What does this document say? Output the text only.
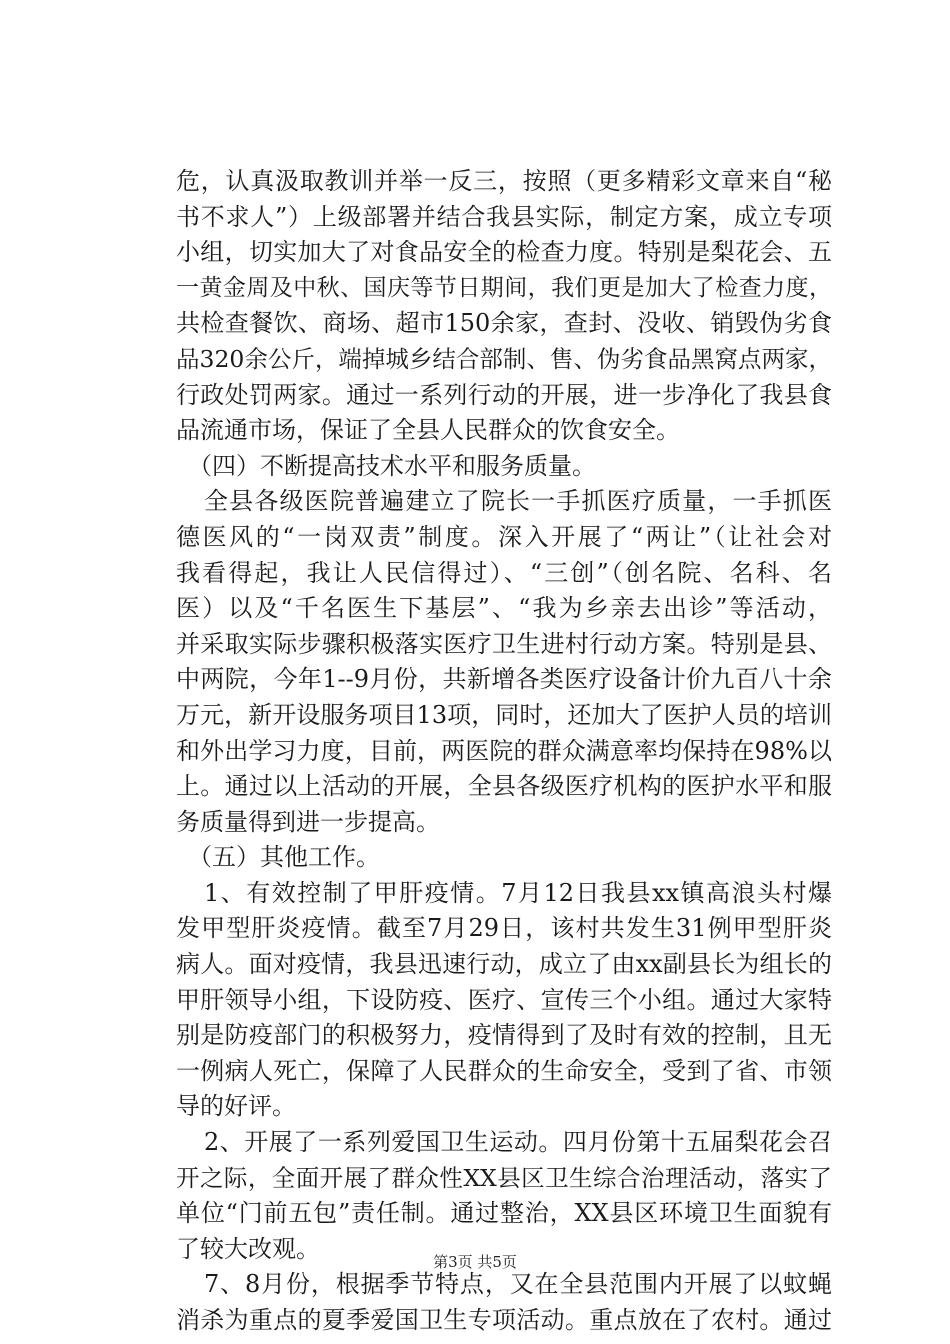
危，认真汲取教训并举一反三，按照（更多精彩文章来自“秘
书不求人”）上级部署并结合我县实际，制定方案，成立专项
小组，切实加大了对食品安全的检查力度。特别是梨花会、五
一黄金周及中秋、国庆等节日期间，我们更是加大了检查力度，
共检查餐饮、商场、超市150余家，查封、没收、销毁伪劣食
品320余公斤，端掉城乡结合部制、售、伪劣食品黑窝点两家，
行政处罚两家。通过一系列行动的开展，进一步净化了我县食
品流通市场，保证了全县人民群众的饮食安全。
（四）不断提高技术水平和服务质量。
全县各级医院普遍建立了院长一手抓医疗质量，一手抓医
德医风的“一岗双责”制度。深入开展了“两让”（让社会对
我看得起，我让人民信得过）、“三创”（创名院、名科、名
医）以及“千名医生下基层”、“我为乡亲去出诊”等活动，
并采取实际步骤积极落实医疗卫生进村行动方案。特别是县、
中两院，今年1--9月份，共新增各类医疗设备计价九百八十余
万元，新开设服务项目13项，同时，还加大了医护人员的培训
和外出学习力度，目前，两医院的群众满意率均保持在98%以
上。通过以上活动的开展，全县各级医疗机构的医护水平和服
务质量得到进一步提高。
（五）其他工作。
1、有效控制了甲肝疫情。7月12日我县xx镇高浪头村爆
发甲型肝炎疫情。截至7月29日，该村共发生31例甲型肝炎
病人。面对疫情，我县迅速行动，成立了由xx副县长为组长的
甲肝领导小组，下设防疫、医疗、宣传三个小组。通过大家特
别是防疫部门的积极努力，疫情得到了及时有效的控制，且无
一例病人死亡，保障了人民群众的生命安全，受到了省、市领
导的好评。
2、开展了一系列爱国卫生运动。四月份第十五届梨花会召
开之际，全面开展了群众性XX县区卫生综合治理活动，落实了
单位“门前五包”责任制。通过整治，XX县区环境卫生面貌有
了较大改观。
7、8月份，根据季节特点，又在全县范围内开展了以蚊蝇
消杀为重点的夏季爱国卫生专项活动。重点放在了农村。通过
第3页 共5页
